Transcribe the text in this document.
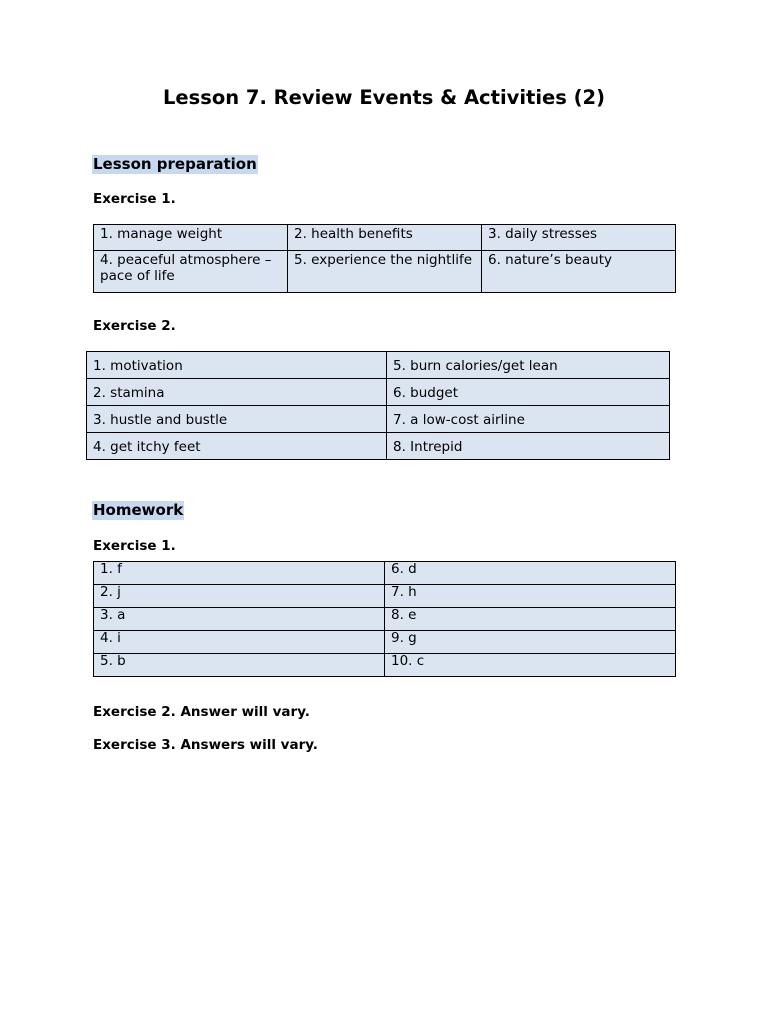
Lesson 7. Review Events & Activities (2)
Lesson preparation
Exercise 1.
1. manage weight	2. health benefits	3. daily stresses
4. peaceful atmosphere – pace of life	5. experience the nightlife	6. nature’s beauty
Exercise 2.
1. motivation	5. burn calories/get lean
2. stamina	6. budget
3. hustle and bustle	7. a low-cost airline
4. get itchy feet	8. Intrepid
Homework
Exercise 1.
1. f	6. d
2. j	7. h
3. a	8. e
4. i	9. g
5. b	10. c
Exercise 2. Answer will vary.
Exercise 3. Answers will vary.
